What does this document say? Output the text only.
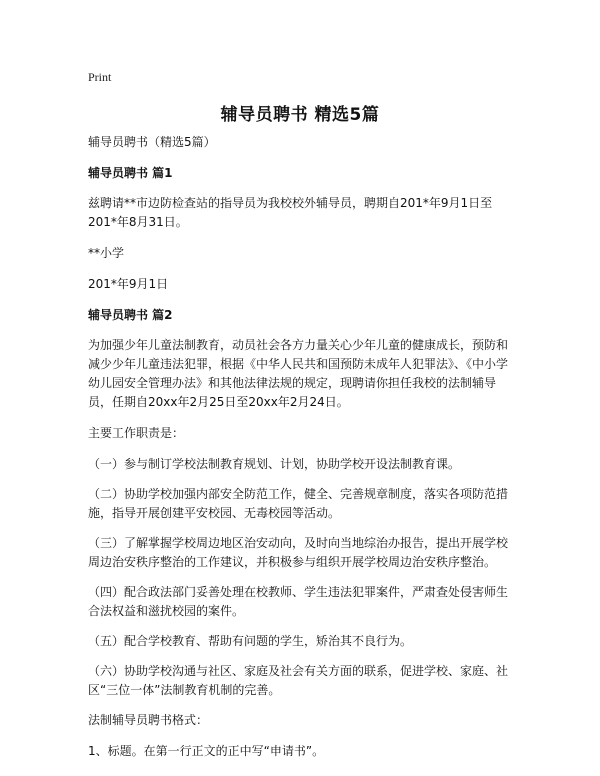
Print
辅导员聘书 精选5篇

辅导员聘书（精选5篇）

辅导员聘书 篇1

兹聘请**市边防检查站的指导员为我校校外辅导员，聘期自201*年9月1日至201*年8月31日。

**小学

201*年9月1日

辅导员聘书 篇2

为加强少年儿童法制教育，动员社会各方力量关心少年儿童的健康成长，预防和减少少年儿童违法犯罪，根据《中华人民共和国预防未成年人犯罪法》、《中小学幼儿园安全管理办法》和其他法律法规的规定，现聘请你担任我校的法制辅导员，任期自20xx年2月25日至20xx年2月24日。

主要工作职责是：

（一）参与制订学校法制教育规划、计划，协助学校开设法制教育课。

（二）协助学校加强内部安全防范工作，健全、完善规章制度，落实各项防范措施，指导开展创建平安校园、无毒校园等活动。

（三）了解掌握学校周边地区治安动向，及时向当地综治办报告，提出开展学校周边治安秩序整治的工作建议，并积极参与组织开展学校周边治安秩序整治。

（四）配合政法部门妥善处理在校教师、学生违法犯罪案件，严肃查处侵害师生合法权益和滋扰校园的案件。

（五）配合学校教育、帮助有问题的学生，矫治其不良行为。

（六）协助学校沟通与社区、家庭及社会有关方面的联系，促进学校、家庭、社区“三位一体”法制教育机制的完善。

法制辅导员聘书格式：

1、标题。在第一行正文的正中写“申请书”。
